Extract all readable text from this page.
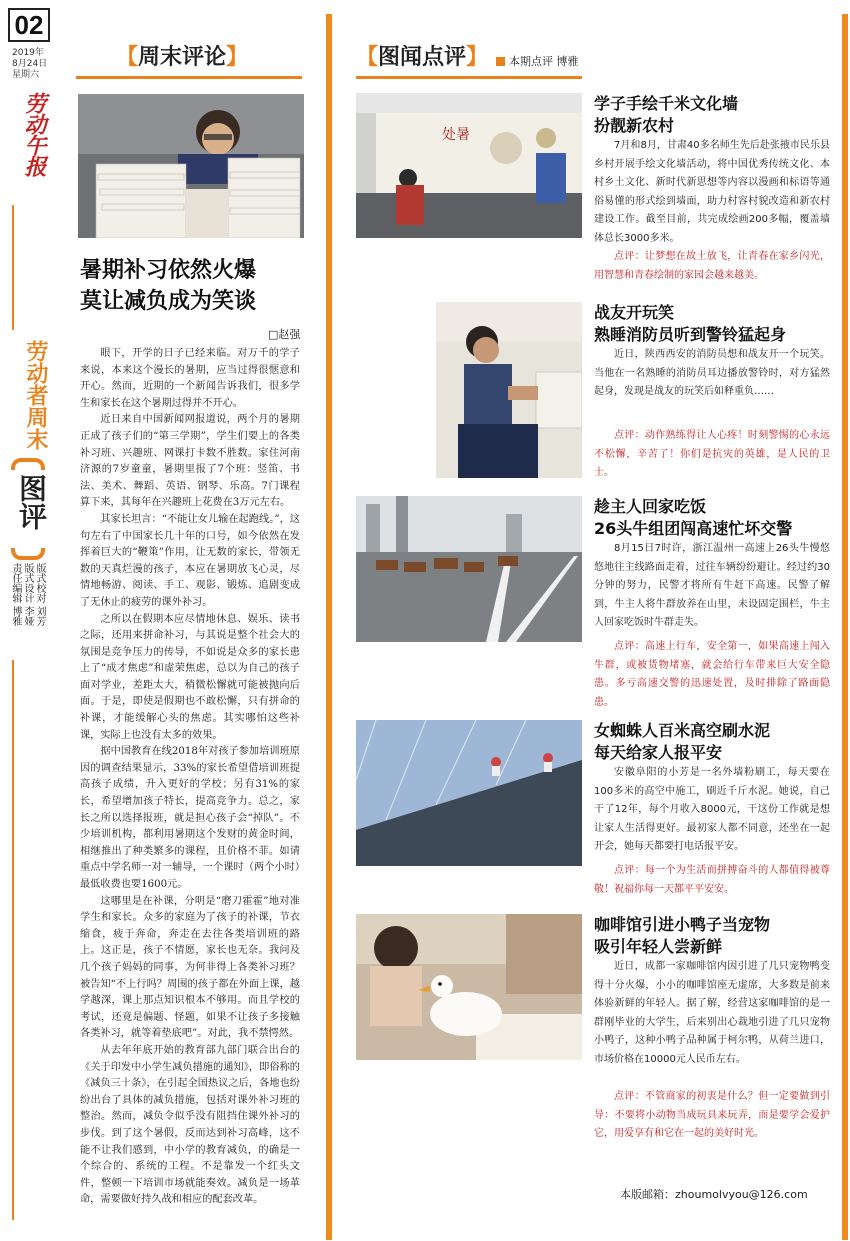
02
2019年
8月24日
星期六
劳动午报
劳动者周末
图评
版式校对 刘芳
版式设计 李娅
责任编辑 博雅
【周末评论】
暑期补习依然火爆
莫让减负成为笑谈
□赵强

眼下，开学的日子已经来临。对万千的学子来说，本来这个漫长的暑期，应当过得很惬意和开心。然而，近期的一个新闻告诉我们，很多学生和家长在这个暑期过得并不开心。

近日来自中国新闻网报道说，两个月的暑期正成了孩子们的“第三学期”，学生们要上的各类补习班、兴趣班、网课打卡数不胜数。家住河南济源的7岁童童，暑期里报了7个班：竖笛、书法、美术、舞蹈、英语、钢琴、乐高。7门课程算下来，其每年在兴趣班上花费在3万元左右。

其家长坦言：“不能让女儿输在起跑线。”，这句左右了中国家长几十年的口号，如今依然在发挥着巨大的“鞭策”作用，让无数的家长，带领无数的天真烂漫的孩子，本应在暑期放飞心灵，尽情地畅游、阅读、手工、观影、锻炼、追剧变成了无休止的疲劳的课外补习。

之所以在假期本应尽情地休息、娱乐、读书之际，还用来拼命补习，与其说是整个社会大的氛围是竞争压力的传导，不如说是众多的家长患上了“成才焦虑”和虚荣焦虑，总以为自己的孩子面对学业，差距太大，稍微松懈就可能被抛向后面。于是，即使是假期也不敢松懈，只有拼命的补课，才能缓解心头的焦虑。其实哪怕这些补课，实际上也没有太多的效果。

据中国教育在线2018年对孩子参加培训班原因的调查结果显示，33%的家长希望借培训班提高孩子成绩，升入更好的学校；另有31%的家长，希望增加孩子特长，提高竞争力。总之，家长之所以选择报班，就是担心孩子会“掉队”。不少培训机构，都利用暑期这个发财的黄金时间，相继推出了种类繁多的课程，且价格不菲。如请重点中学名师一对一辅导，一个课时（两个小时）最低收费也要1600元。

这哪里是在补课，分明是“磨刀霍霍”地对准学生和家长。众多的家庭为了孩子的补课，节衣缩食，疲于奔命，奔走在去往各类培训班的路上。这正是，孩子不情愿，家长也无奈。我问及几个孩子妈妈的同事，为何非得上各类补习班？被告知“不上行吗？周围的孩子都在外面上课，越学越深，课上那点知识根本不够用。而且学校的考试，还竟是偏题、怪题，如果不让孩子多接触各类补习，就等着垫底吧”。对此，我不禁愕然。

从去年年底开始的教育部九部门联合出台的《关于印发中小学生减负措施的通知》，即俗称的《减负三十条》，在引起全国热议之后，各地也纷纷出台了具体的减负措施，包括对课外补习班的整治。然而，减负令似乎没有阻挡住课外补习的步伐。到了这个暑假，反而达到补习高峰，这不能不让我们感到，中小学的教育减负，的确是一个综合的、系统的工程。不是靠发一个红头文件，整顿一下培训市场就能奏效。减负是一场革命，需要做好持久战和相应的配套改革。

【图闻点评】 本期点评 博雅
处暑
学子手绘千米文化墙
扮靓新农村
7月和8月，甘肃40多名师生先后赴张掖市民乐县乡村开展手绘文化墙活动，将中国优秀传统文化、本村乡土文化、新时代新思想等内容以漫画和标语等通俗易懂的形式绘到墙面，助力村容村貌改造和新农村建设工作。截至目前，共完成绘画200多幅，覆盖墙体总长3000多米。
点评：让梦想在故土放飞，让青春在家乡闪光，用智慧和青春绘制的家园会越来越美。
战友开玩笑
熟睡消防员听到警铃猛起身
近日，陕西西安的消防员想和战友开一个玩笑。当他在一名熟睡的消防员耳边播放警铃时，对方猛然起身，发现是战友的玩笑后如释重负……
点评：动作熟练得让人心疼！时刻警惕的心永远不松懈，辛苦了！你们是抗灾的英雄，是人民的卫士。
趁主人回家吃饭
26头牛组团闯高速忙坏交警
8月15日7时许，浙江温州一高速上26头牛慢悠悠地往主线路面走着，过往车辆纷纷避让。经过约30分钟的努力，民警才将所有牛赶下高速。民警了解到，牛主人将牛群放养在山里，未设固定围栏，牛主人回家吃饭时牛群走失。
点评：高速上行车，安全第一，如果高速上闯入牛群，或被货物堵塞，就会给行车带来巨大安全隐患。多亏高速交警的迅速处置，及时排除了路面隐患。
女蜘蛛人百米高空刷水泥
每天给家人报平安
安徽阜阳的小芳是一名外墙粉刷工，每天要在100多米的高空中施工，刷近千斤水泥。她说，自己干了12年，每个月收入8000元，干这份工作就是想让家人生活得更好。最初家人都不同意，还坐在一起开会，她每天都要打电话报平安。
点评：每一个为生活而拼搏奋斗的人都值得被尊敬！祝福你每一天都平平安安。
咖啡馆引进小鸭子当宠物
吸引年轻人尝新鲜
近日，成都一家咖啡馆内因引进了几只宠物鸭变得十分火爆，小小的咖啡馆座无虚席，大多数是前来体验新鲜的年轻人。据了解，经营这家咖啡馆的是一群刚毕业的大学生，后来别出心裁地引进了几只宠物小鸭子，这种小鸭子品种属于柯尔鸭，从荷兰进口，市场价格在10000元人民币左右。
点评：不管商家的初衷是什么？但一定要做到引导：不要将小动物当成玩具来玩弄，而是要学会爱护它，用爱享有和它在一起的美好时光。
本版邮箱：zhoumolvyou@126.com
